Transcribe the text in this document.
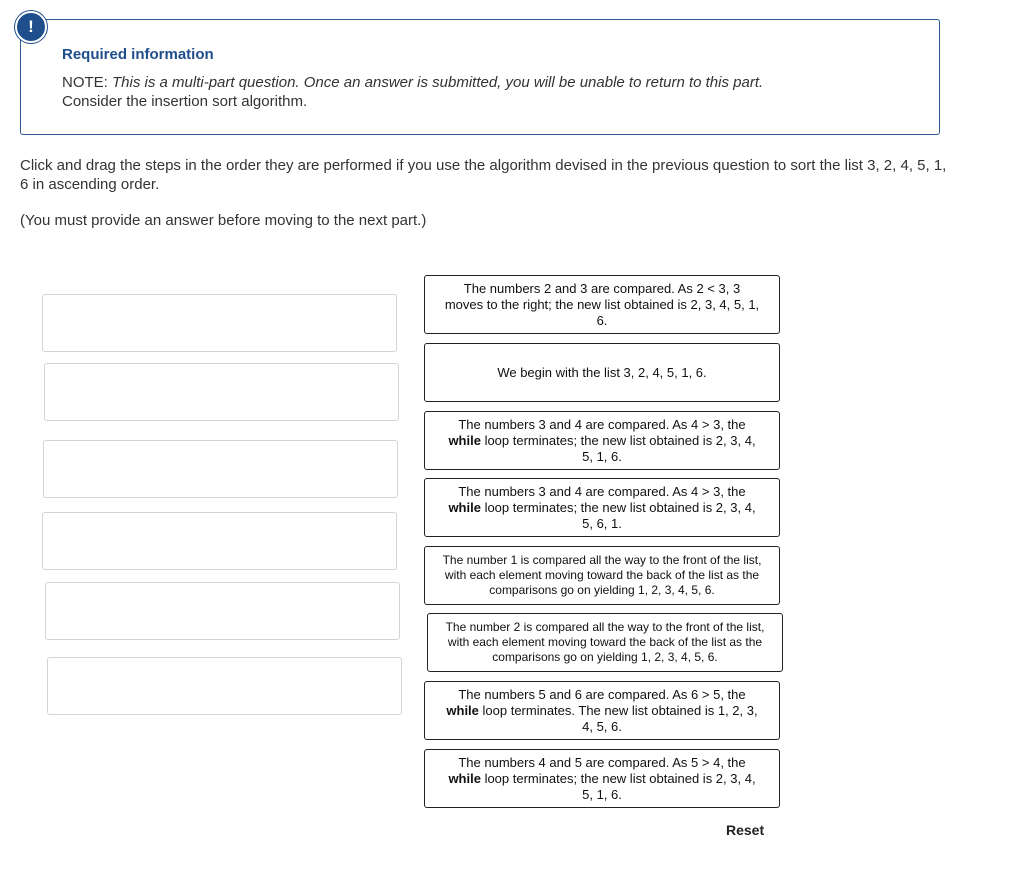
Required information
NOTE: This is a multi-part question. Once an answer is submitted, you will be unable to return to this part.
Consider the insertion sort algorithm.
!
Click and drag the steps in the order they are performed if you use the algorithm devised in the previous question to sort the list 3, 2, 4, 5, 1, 6 in ascending order.
(You must provide an answer before moving to the next part.)
The numbers 2 and 3 are compared. As 2 < 3, 3 moves to the right; the new list obtained is 2, 3, 4, 5, 1, 6.
We begin with the list 3, 2, 4, 5, 1, 6.
The numbers 3 and 4 are compared. As 4 > 3, the while loop terminates; the new list obtained is 2, 3, 4, 5, 1, 6.
The numbers 3 and 4 are compared. As 4 > 3, the while loop terminates; the new list obtained is 2, 3, 4, 5, 6, 1.
The number 1 is compared all the way to the front of the list, with each element moving toward the back of the list as the comparisons go on yielding 1, 2, 3, 4, 5, 6.
The number 2 is compared all the way to the front of the list, with each element moving toward the back of the list as the comparisons go on yielding 1, 2, 3, 4, 5, 6.
The numbers 5 and 6 are compared. As 6 > 5, the while loop terminates. The new list obtained is 1, 2, 3, 4, 5, 6.
The numbers 4 and 5 are compared. As 5 > 4, the while loop terminates; the new list obtained is 2, 3, 4, 5, 1, 6.
Reset
